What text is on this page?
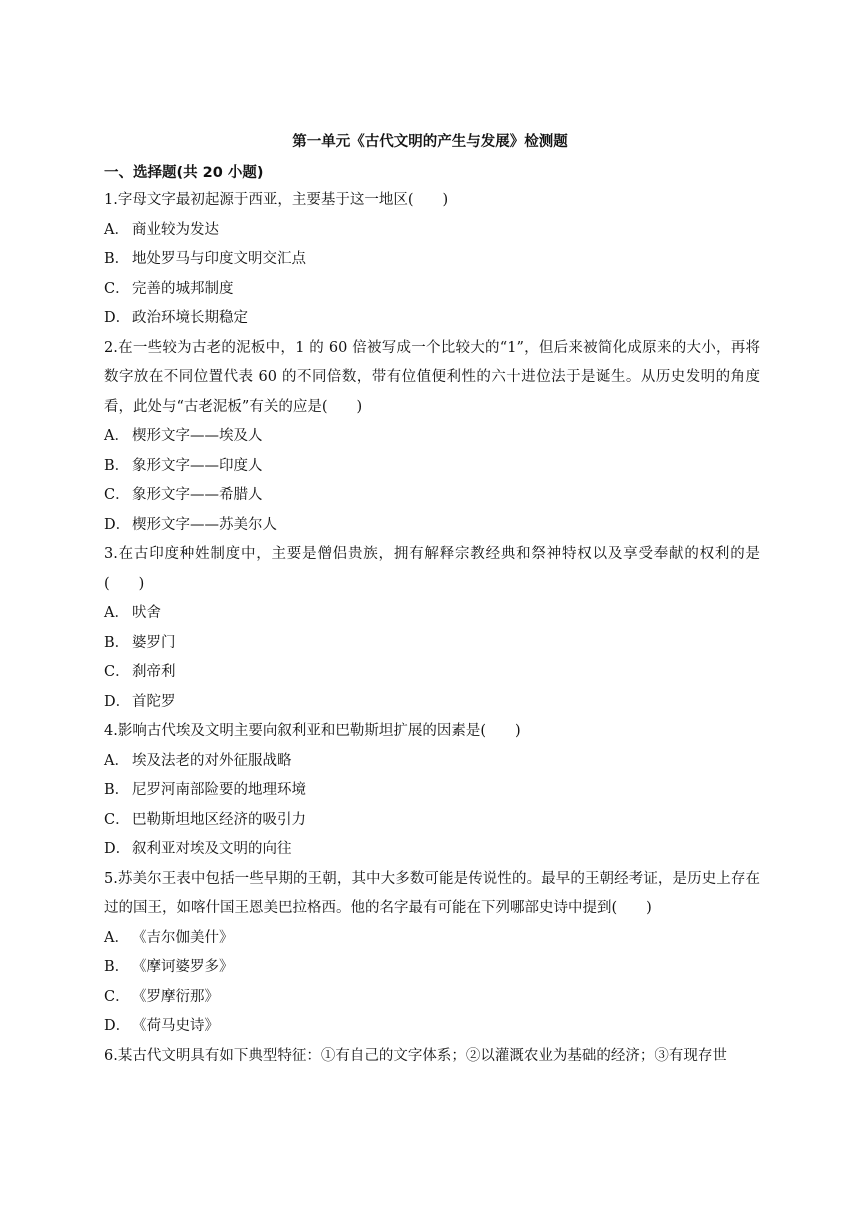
第一单元《古代文明的产生与发展》检测题
一、选择题(共 20 小题)

1.字母文字最初起源于西亚，主要基于这一地区(　　)

A． 商业较为发达

B． 地处罗马与印度文明交汇点

C． 完善的城邦制度

D． 政治环境长期稳定

2.在一些较为古老的泥板中，1 的 60 倍被写成一个比较大的“1”，但后来被简化成原来的大小，再将数字放在不同位置代表 60 的不同倍数，带有位值便利性的六十进位法于是诞生。从历史发明的角度看，此处与“古老泥板”有关的应是(　　)

A． 楔形文字——埃及人

B． 象形文字——印度人

C． 象形文字——希腊人

D． 楔形文字——苏美尔人

3.在古印度种姓制度中，主要是僧侣贵族，拥有解释宗教经典和祭神特权以及享受奉献的权利的是(　　)

A． 吠舍

B． 婆罗门

C． 刹帝利

D． 首陀罗

4.影响古代埃及文明主要向叙利亚和巴勒斯坦扩展的因素是(　　)

A． 埃及法老的对外征服战略

B． 尼罗河南部险要的地理环境

C． 巴勒斯坦地区经济的吸引力

D． 叙利亚对埃及文明的向往

5.苏美尔王表中包括一些早期的王朝，其中大多数可能是传说性的。最早的王朝经考证，是历史上存在过的国王，如喀什国王恩美巴拉格西。他的名字最有可能在下列哪部史诗中提到(　　)

A． 《吉尔伽美什》

B． 《摩诃婆罗多》

C． 《罗摩衍那》

D． 《荷马史诗》

6.某古代文明具有如下典型特征：①有自己的文字体系；②以灌溉农业为基础的经济；③有现存世
